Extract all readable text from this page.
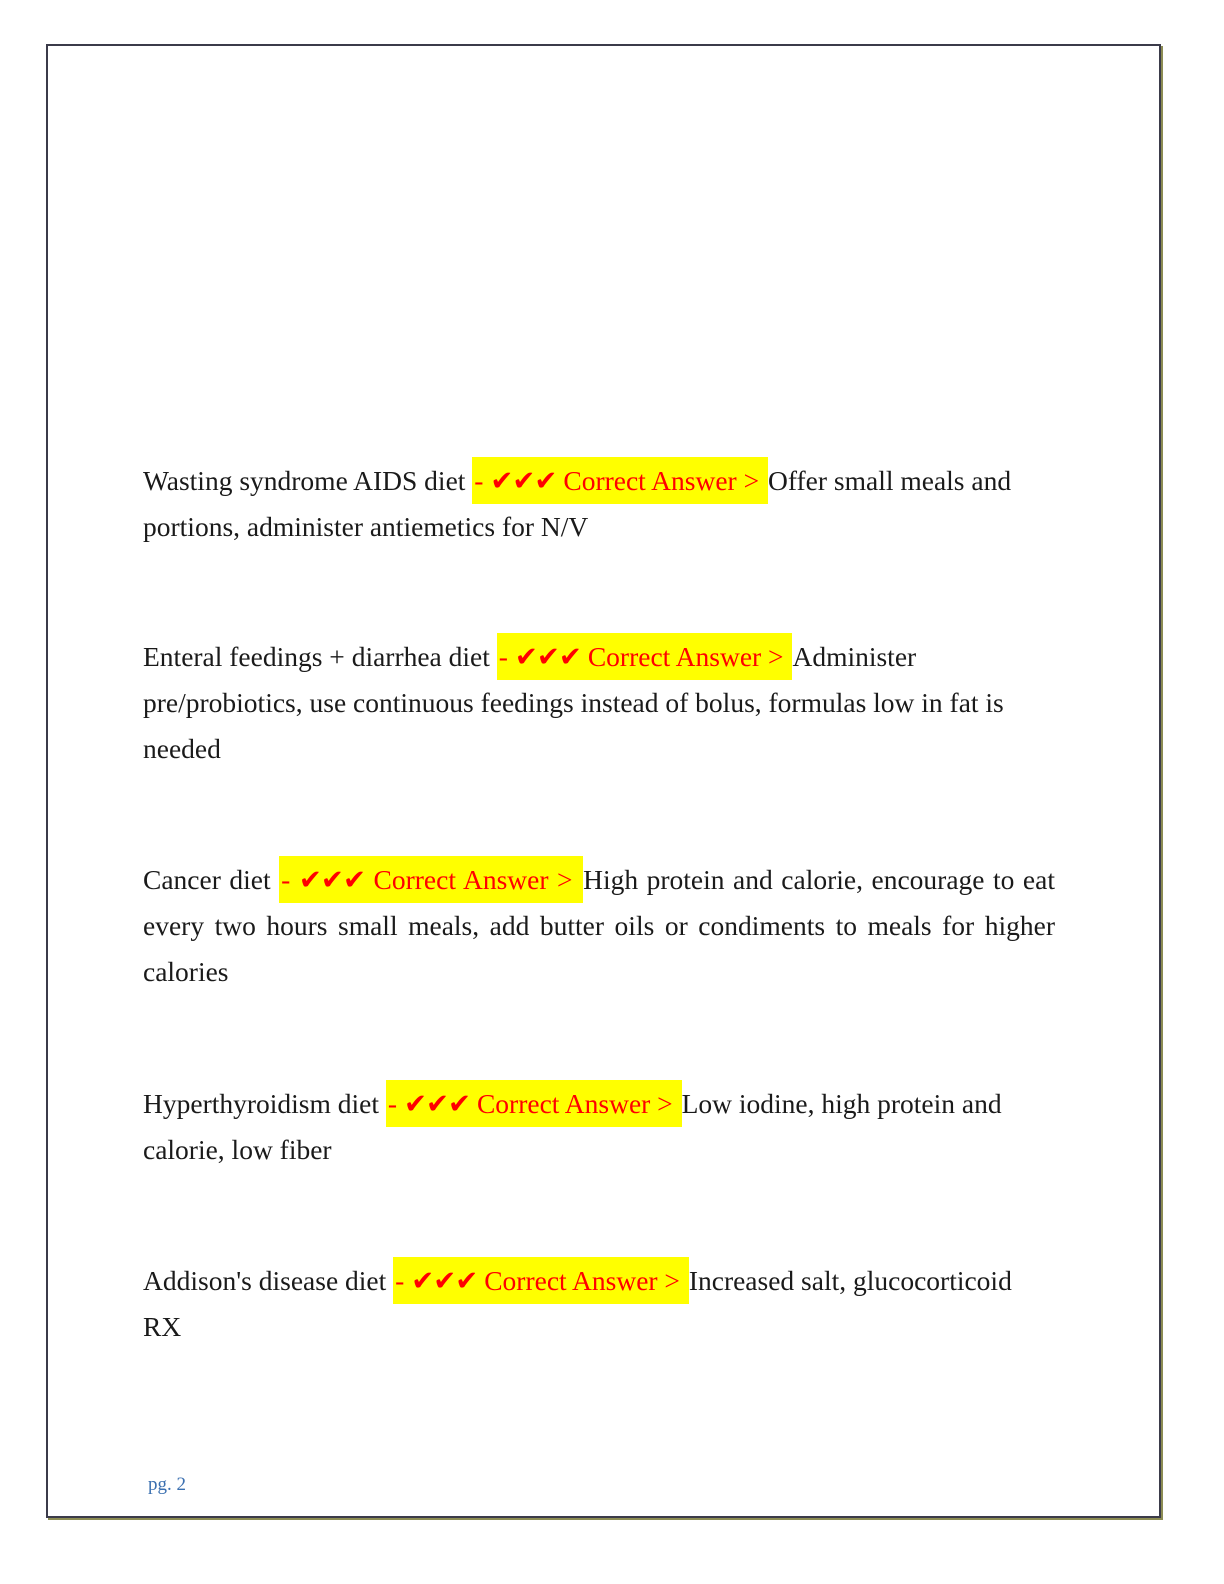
Wasting syndrome AIDS diet - ✔✔✔ Correct Answer > Offer small meals and portions, administer antiemetics for N/V

Enteral feedings + diarrhea diet - ✔✔✔ Correct Answer > Administer pre/probiotics, use continuous feedings instead of bolus, formulas low in fat is needed

Cancer diet - ✔✔✔ Correct Answer > High protein and calorie, encourage to eat every two hours small meals, add butter oils or condiments to meals for higher calories

Hyperthyroidism diet - ✔✔✔ Correct Answer > Low iodine, high protein and calorie, low fiber

Addison's disease diet - ✔✔✔ Correct Answer > Increased salt, glucocorticoid RX

pg. 2
